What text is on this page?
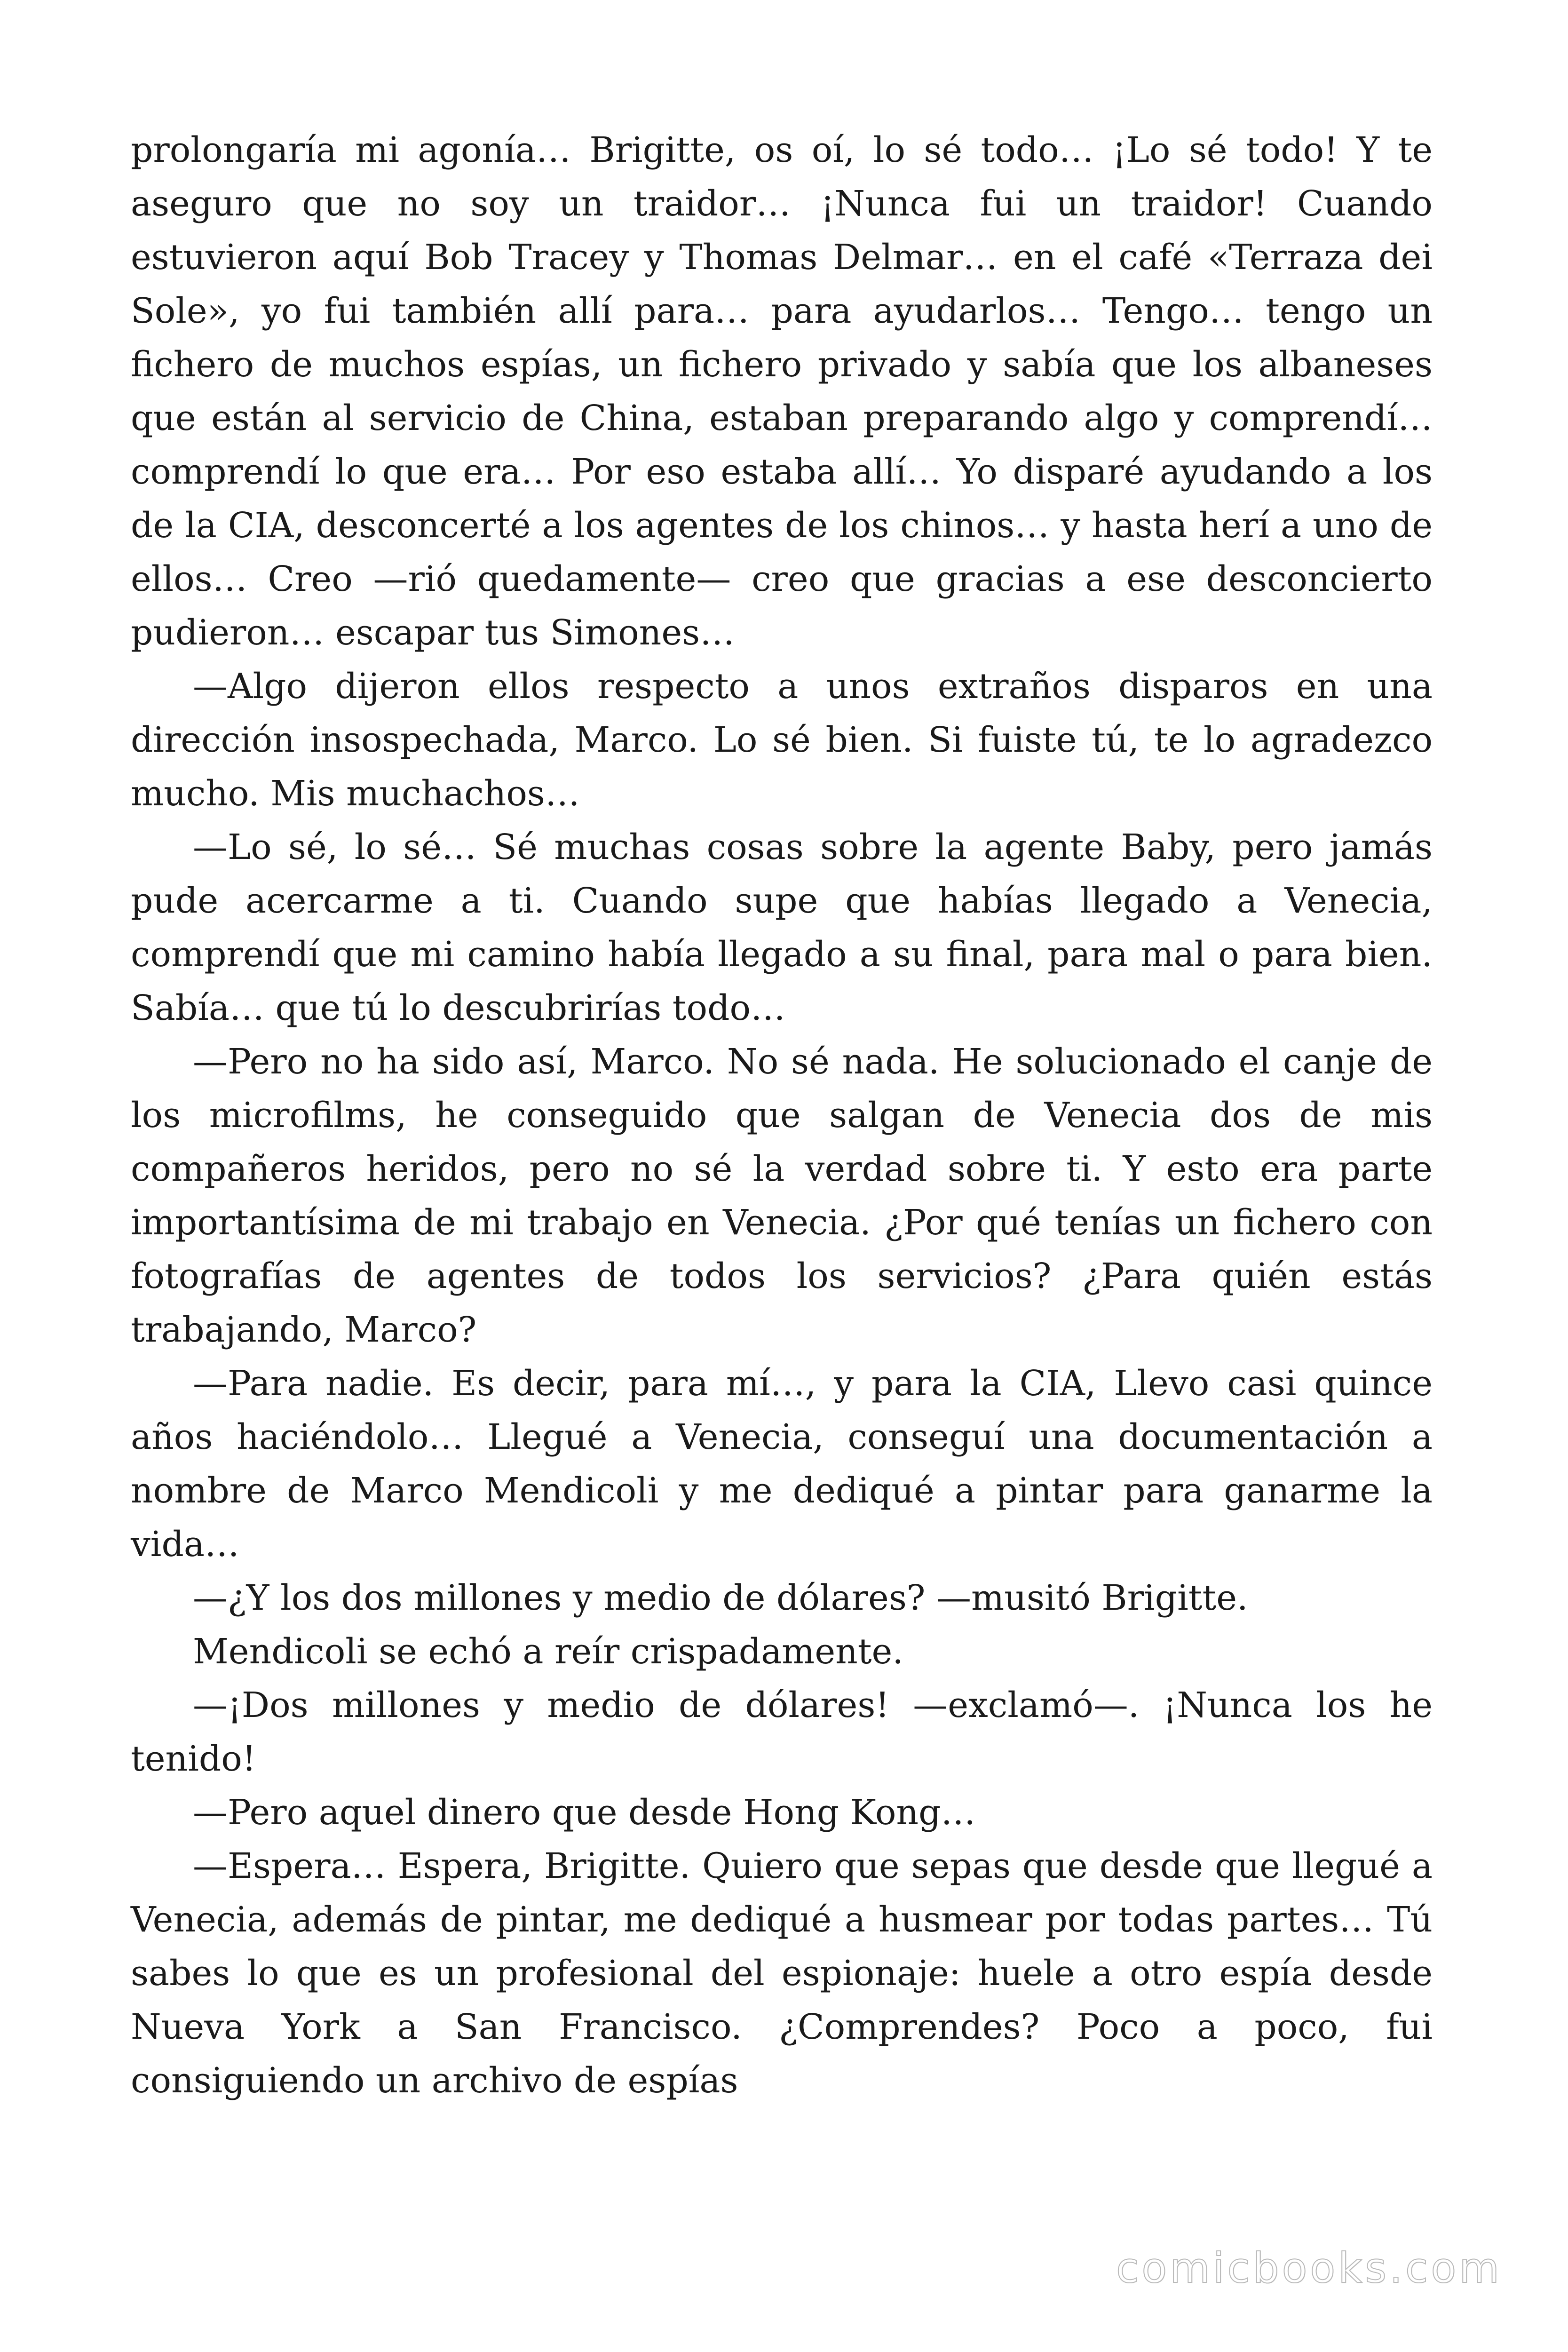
prolongaría mi agonía… Brigitte, os oí, lo sé todo… ¡Lo sé todo! Y te aseguro que no soy un traidor… ¡Nunca fui un traidor! Cuando estuvieron aquí Bob Tracey y Thomas Delmar… en el café «Terraza dei Sole», yo fui también allí para… para ayudarlos… Tengo… tengo un fichero de muchos espías, un fichero privado y sabía que los albaneses que están al servicio de China, estaban preparando algo y comprendí… comprendí lo que era… Por eso estaba allí… Yo disparé ayudando a los de la CIA, desconcerté a los agentes de los chinos… y hasta herí a uno de ellos… Creo —rió quedamente— creo que gracias a ese desconcierto pudieron… escapar tus Simones…

—Algo dijeron ellos respecto a unos extraños disparos en una dirección insospechada, Marco. Lo sé bien. Si fuiste tú, te lo agradezco mucho. Mis muchachos…

—Lo sé, lo sé… Sé muchas cosas sobre la agente Baby, pero jamás pude acercarme a ti. Cuando supe que habías llegado a Venecia, comprendí que mi camino había llegado a su final, para mal o para bien. Sabía… que tú lo descubrirías todo…

—Pero no ha sido así, Marco. No sé nada. He solucionado el canje de los microfilms, he conseguido que salgan de Venecia dos de mis compañeros heridos, pero no sé la verdad sobre ti. Y esto era parte importantísima de mi trabajo en Venecia. ¿Por qué tenías un fichero con fotografías de agentes de todos los servicios? ¿Para quién estás trabajando, Marco?

—Para nadie. Es decir, para mí…, y para la CIA, Llevo casi quince años haciéndolo… Llegué a Venecia, conseguí una documentación a nombre de Marco Mendicoli y me dediqué a pintar para ganarme la vida…

—¿Y los dos millones y medio de dólares? —musitó Brigitte.

Mendicoli se echó a reír crispadamente.

—¡Dos millones y medio de dólares! —exclamó—. ¡Nunca los he tenido!

—Pero aquel dinero que desde Hong Kong…

—Espera… Espera, Brigitte. Quiero que sepas que desde que llegué a Venecia, además de pintar, me dediqué a husmear por todas partes… Tú sabes lo que es un profesional del espionaje: huele a otro espía desde Nueva York a San Francisco. ¿Comprendes? Poco a poco, fui consiguiendo un archivo de espías

comicbooks.com
